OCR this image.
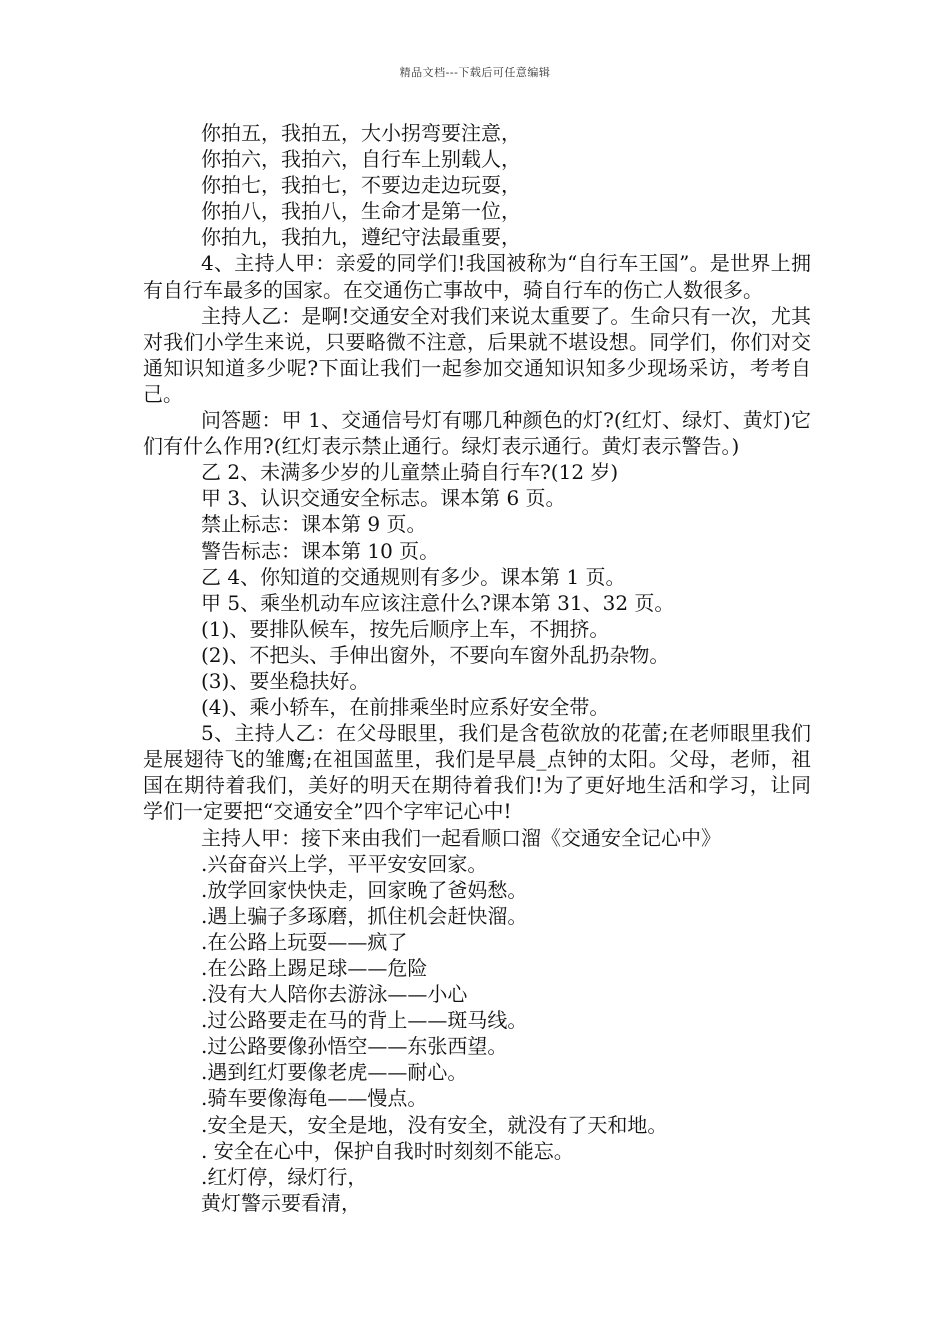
精品文档---下载后可任意编辑

你拍五，我拍五，大小拐弯要注意，

你拍六，我拍六，自行车上别载人，

你拍七，我拍七，不要边走边玩耍，

你拍八，我拍八，生命才是第一位，

你拍九，我拍九，遵纪守法最重要，

4、主持人甲：亲爱的同学们!我国被称为“自行车王国”。是世界上拥有自行车最多的国家。在交通伤亡事故中，骑自行车的伤亡人数很多。

主持人乙：是啊!交通安全对我们来说太重要了。生命只有一次，尤其对我们小学生来说，只要略微不注意，后果就不堪设想。同学们，你们对交通知识知道多少呢?下面让我们一起参加交通知识知多少现场采访，考考自己。

问答题：甲 1、交通信号灯有哪几种颜色的灯?(红灯、绿灯、黄灯)它们有什么作用?(红灯表示禁止通行。绿灯表示通行。黄灯表示警告。)

乙 2、未满多少岁的儿童禁止骑自行车?(12 岁)

甲 3、认识交通安全标志。课本第 6 页。

禁止标志：课本第 9 页。

警告标志：课本第 10 页。

乙 4、你知道的交通规则有多少。课本第 1 页。

甲 5、乘坐机动车应该注意什么?课本第 31、32 页。

(1)、要排队候车，按先后顺序上车，不拥挤。

(2)、不把头、手伸出窗外，不要向车窗外乱扔杂物。

(3)、要坐稳扶好。

(4)、乘小轿车，在前排乘坐时应系好安全带。

5、主持人乙：在父母眼里，我们是含苞欲放的花蕾;在老师眼里我们是展翅待飞的雏鹰;在祖国蓝里，我们是早晨_点钟的太阳。父母，老师，祖国在期待着我们，美好的明天在期待着我们!为了更好地生活和学习，让同学们一定要把“交通安全”四个字牢记心中!

主持人甲：接下来由我们一起看顺口溜《交通安全记心中》

.兴奋奋兴上学，平平安安回家。

.放学回家快快走，回家晚了爸妈愁。

.遇上骗子多琢磨，抓住机会赶快溜。

.在公路上玩耍——疯了

.在公路上踢足球——危险

.没有大人陪你去游泳——小心

.过公路要走在马的背上——斑马线。

.过公路要像孙悟空——东张西望。

.遇到红灯要像老虎——耐心。

.骑车要像海龟——慢点。

.安全是天，安全是地，没有安全，就没有了天和地。

. 安全在心中，保护自我时时刻刻不能忘。

.红灯停，绿灯行，

黄灯警示要看清，
